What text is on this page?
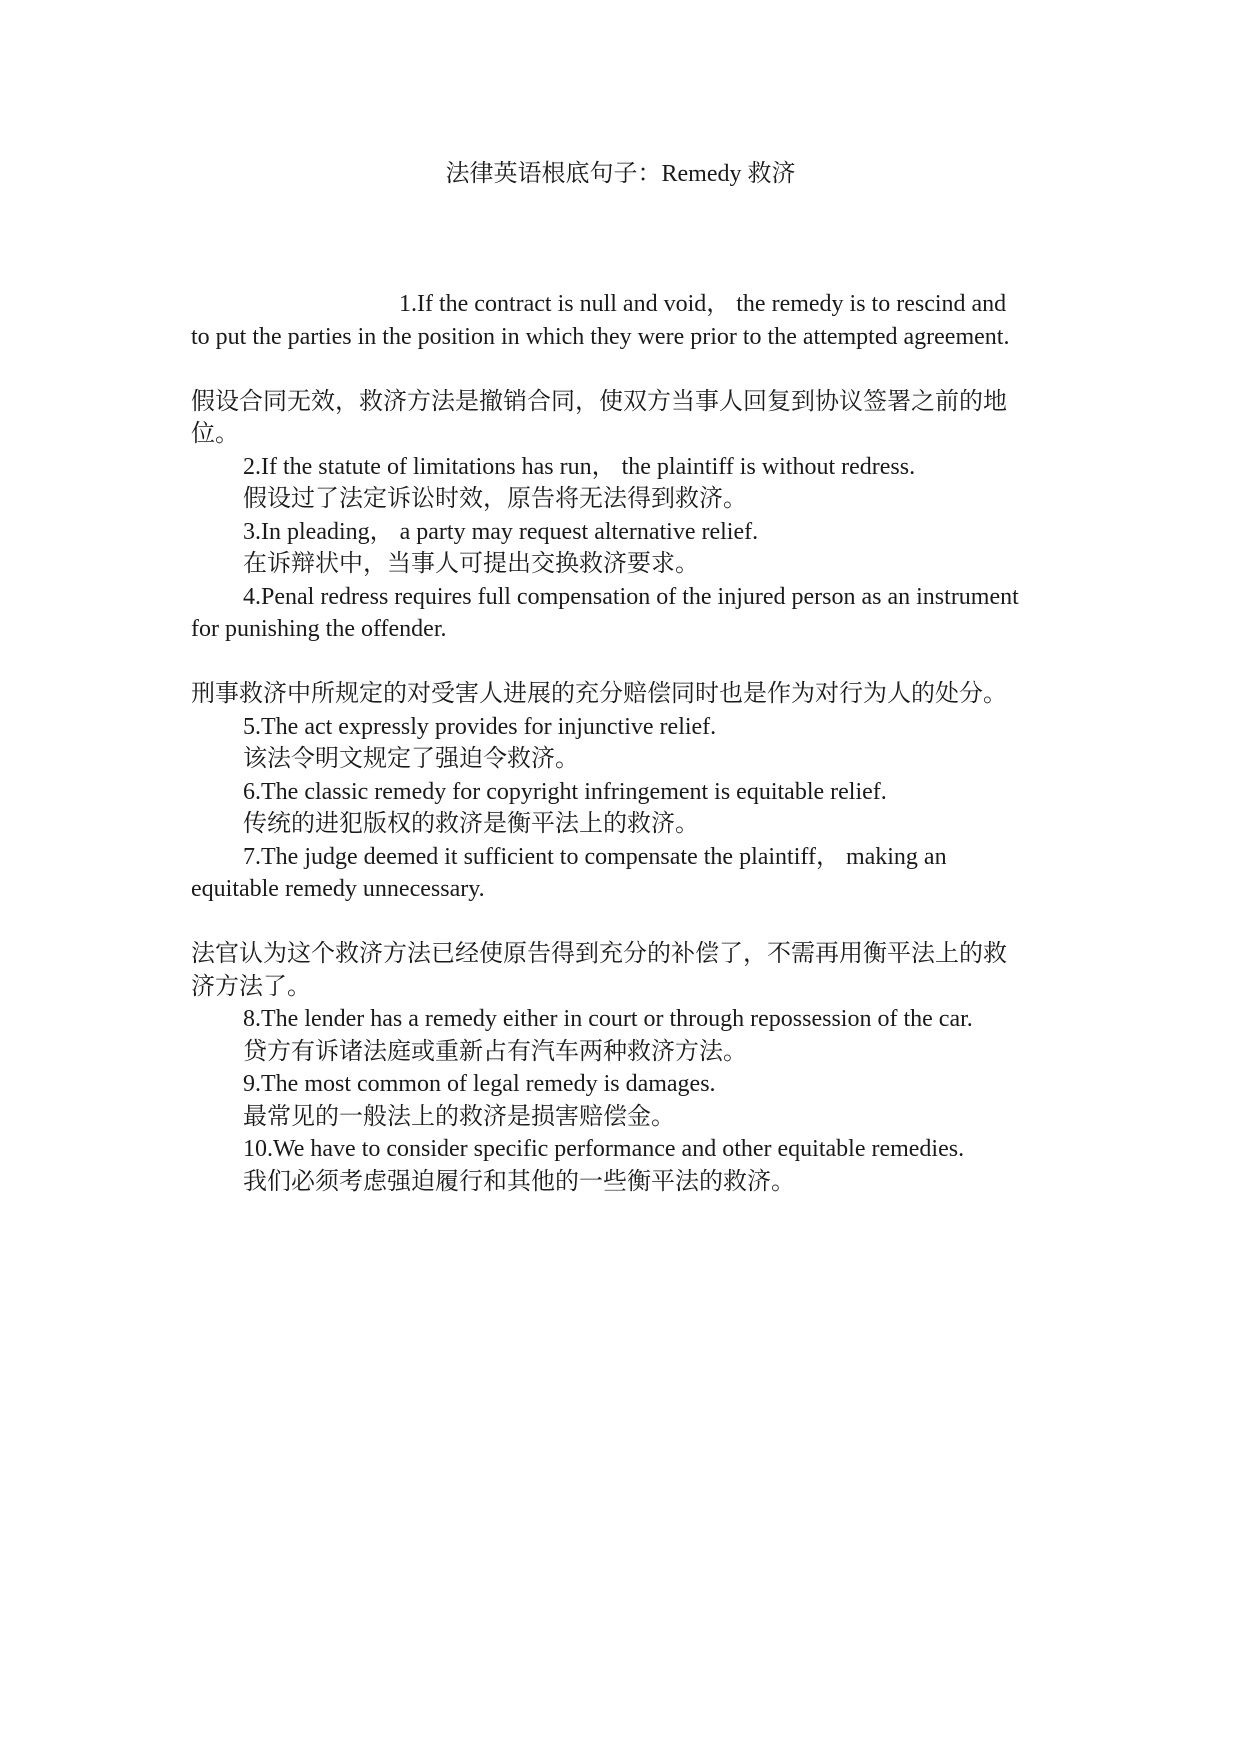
法律英语根底句子：Remedy 救济
1.If the contract is null and void， the remedy is to rescind and
to put the parties in the position in which they were prior to the attempted agreement.
假设合同无效，救济方法是撤销合同，使双方当事人回复到协议签署之前的地
位。
2.If the statute of limitations has run， the plaintiff is without redress.
假设过了法定诉讼时效，原告将无法得到救济。
3.In pleading， a party may request alternative relief.
在诉辩状中，当事人可提出交换救济要求。
4.Penal redress requires full compensation of the injured person as an instrument
for punishing the offender.
刑事救济中所规定的对受害人进展的充分赔偿同时也是作为对行为人的处分。
5.The act expressly provides for injunctive relief.
该法令明文规定了强迫令救济。
6.The classic remedy for copyright infringement is equitable relief.
传统的进犯版权的救济是衡平法上的救济。
7.The judge deemed it sufficient to compensate the plaintiff， making an
equitable remedy unnecessary.
法官认为这个救济方法已经使原告得到充分的补偿了，不需再用衡平法上的救
济方法了。
8.The lender has a remedy either in court or through repossession of the car.
贷方有诉诸法庭或重新占有汽车两种救济方法。
9.The most common of legal remedy is damages.
最常见的一般法上的救济是损害赔偿金。
10.We have to consider specific performance and other equitable remedies.
我们必须考虑强迫履行和其他的一些衡平法的救济。
